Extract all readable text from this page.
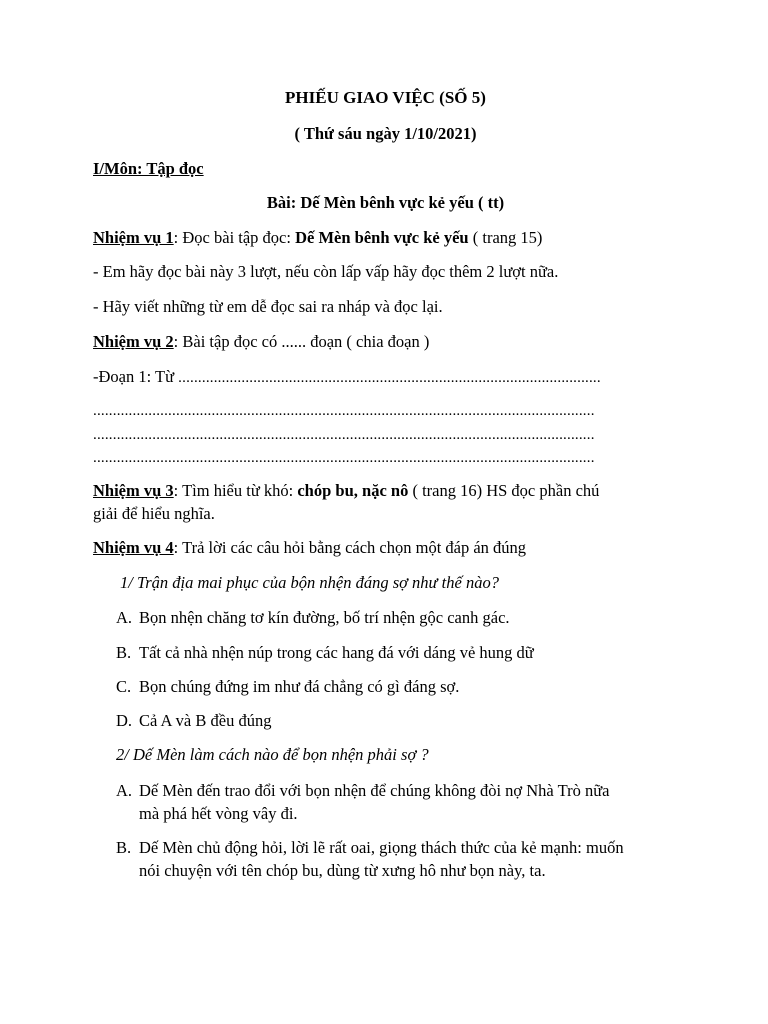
PHIẾU GIAO VIỆC (SỐ 5)
( Thứ sáu ngày 1/10/2021)
I/Môn: Tập đọc
Bài: Dế Mèn bênh vực kẻ yếu ( tt)
Nhiệm vụ 1: Đọc bài tập đọc: Dế Mèn bênh vực kẻ yếu ( trang 15)
- Em hãy đọc bài này 3 lượt, nếu còn lấp vấp hãy đọc thêm 2 lượt nữa.
- Hãy viết những từ em dễ đọc sai ra nháp và đọc lại.
Nhiệm vụ 2: Bài tập đọc có ...... đoạn ( chia đoạn )
-Đoạn 1: Từ ...........................................................................................................
...............................................................................................................................
...............................................................................................................................
...............................................................................................................................
Nhiệm vụ 3: Tìm hiểu từ khó: chóp bu, nặc nô ( trang 16) HS đọc phần chú
giải để hiểu nghĩa.
Nhiệm vụ 4: Trả lời các câu hỏi bằng cách chọn một đáp án đúng
1/ Trận địa mai phục của bộn nhện đáng sợ như thế nào?
A. Bọn nhện chăng tơ kín đường, bố trí nhện gộc canh gác.
B. Tất cả nhà nhện núp trong các hang đá với dáng vẻ hung dữ
C. Bọn chúng đứng im như đá chẳng có gì đáng sợ.
D. Cả A và B đều đúng
2/ Dế Mèn làm cách nào để bọn nhện phải sợ ?
A. Dế Mèn đến trao đổi với bọn nhện để chúng không đòi nợ Nhà Trò nữa
mà phá hết vòng vây đi.
B. Dế Mèn chủ động hỏi, lời lẽ rất oai, giọng thách thức của kẻ mạnh: muốn
nói chuyện với tên chóp bu, dùng từ xưng hô như bọn này, ta.
